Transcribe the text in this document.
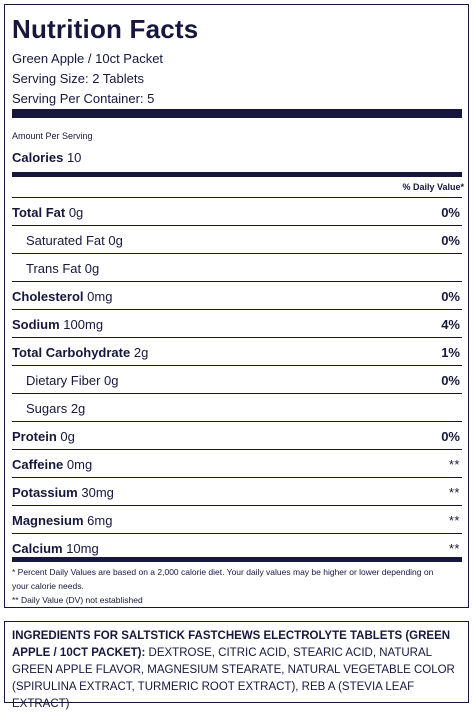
Nutrition Facts
Green Apple / 10ct Packet
Serving Size: 2 Tablets
Serving Per Container: 5
Amount Per Serving
Calories 10
% Daily Value*
Total Fat 0g	0%
Saturated Fat 0g	0%
Trans Fat 0g
Cholesterol 0mg	0%
Sodium 100mg	4%
Total Carbohydrate 2g	1%
Dietary Fiber 0g	0%
Sugars 2g
Protein 0g	0%
Caffeine 0mg	**
Potassium 30mg	**
Magnesium 6mg	**
Calcium 10mg	**
* Percent Daily Values are based on a 2,000 calorie diet. Your daily values may be higher or lower depending on
your calorie needs.
** Daily Value (DV) not established
INGREDIENTS FOR SALTSTICK FASTCHEWS ELECTROLYTE TABLETS (GREEN APPLE / 10CT PACKET): DEXTROSE, CITRIC ACID, STEARIC ACID, NATURAL GREEN APPLE FLAVOR, MAGNESIUM STEARATE, NATURAL VEGETABLE COLOR (SPIRULINA EXTRACT, TURMERIC ROOT EXTRACT), REB A (STEVIA LEAF EXTRACT)
